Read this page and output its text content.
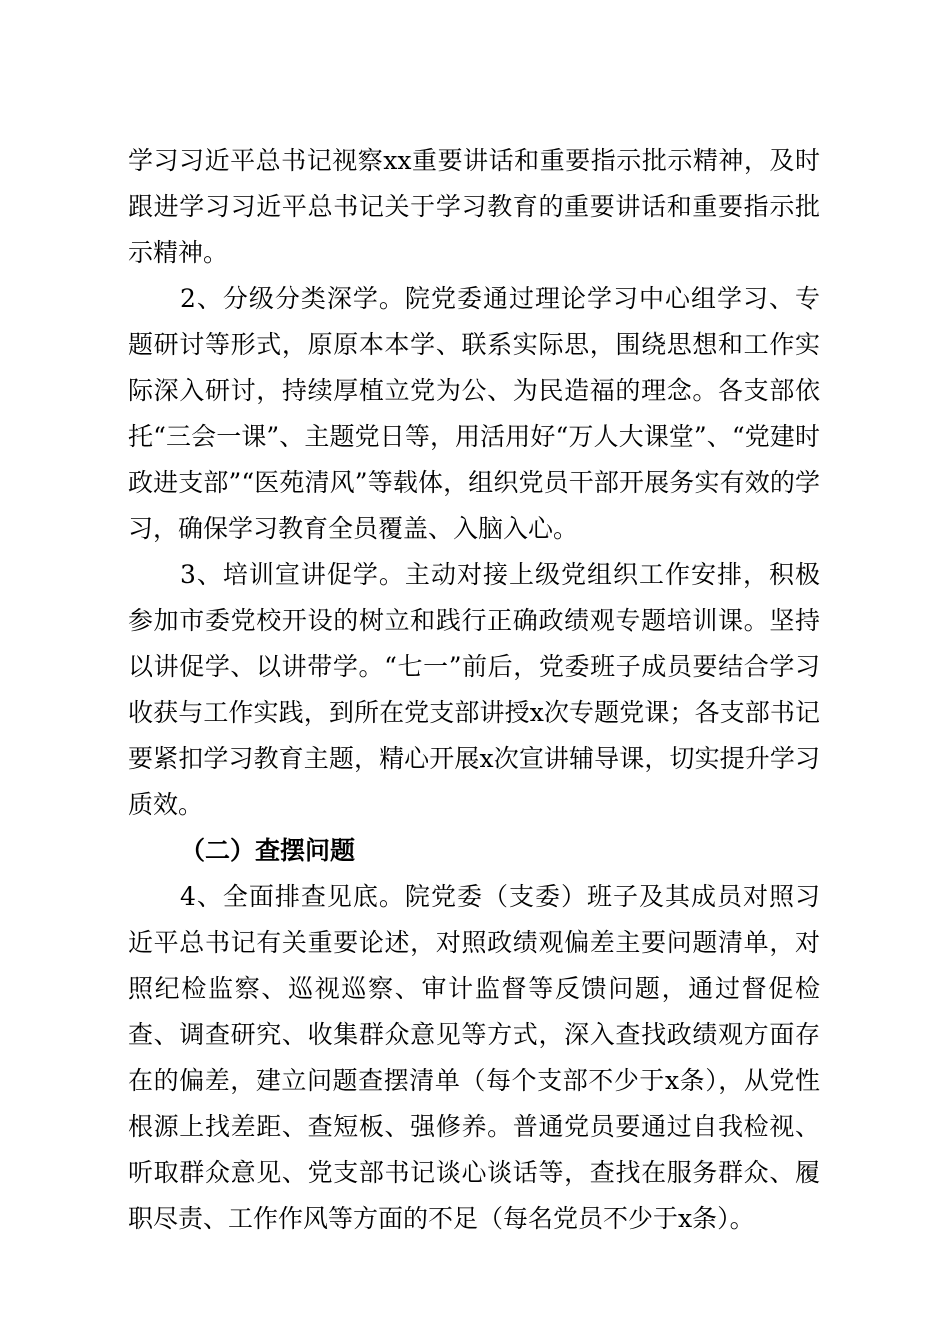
学习习近平总书记视察xx重要讲话和重要指示批示精神，及时跟进学习习近平总书记关于学习教育的重要讲话和重要指示批示精神。

2、分级分类深学。院党委通过理论学习中心组学习、专题研讨等形式，原原本本学、联系实际思，围绕思想和工作实际深入研讨，持续厚植立党为公、为民造福的理念。各支部依托“三会一课”、主题党日等，用活用好“万人大课堂”、“党建时政进支部”“医苑清风”等载体，组织党员干部开展务实有效的学习，确保学习教育全员覆盖、入脑入心。

3、培训宣讲促学。主动对接上级党组织工作安排，积极参加市委党校开设的树立和践行正确政绩观专题培训课。坚持以讲促学、以讲带学。“七一”前后，党委班子成员要结合学习收获与工作实践，到所在党支部讲授x次专题党课；各支部书记要紧扣学习教育主题，精心开展x次宣讲辅导课，切实提升学习质效。

（二）查摆问题

4、全面排查见底。院党委（支委）班子及其成员对照习近平总书记有关重要论述，对照政绩观偏差主要问题清单，对照纪检监察、巡视巡察、审计监督等反馈问题，通过督促检查、调查研究、收集群众意见等方式，深入查找政绩观方面存在的偏差，建立问题查摆清单（每个支部不少于x条），从党性根源上找差距、查短板、强修养。普通党员要通过自我检视、听取群众意见、党支部书记谈心谈话等，查找在服务群众、履职尽责、工作作风等方面的不足（每名党员不少于x条）。
